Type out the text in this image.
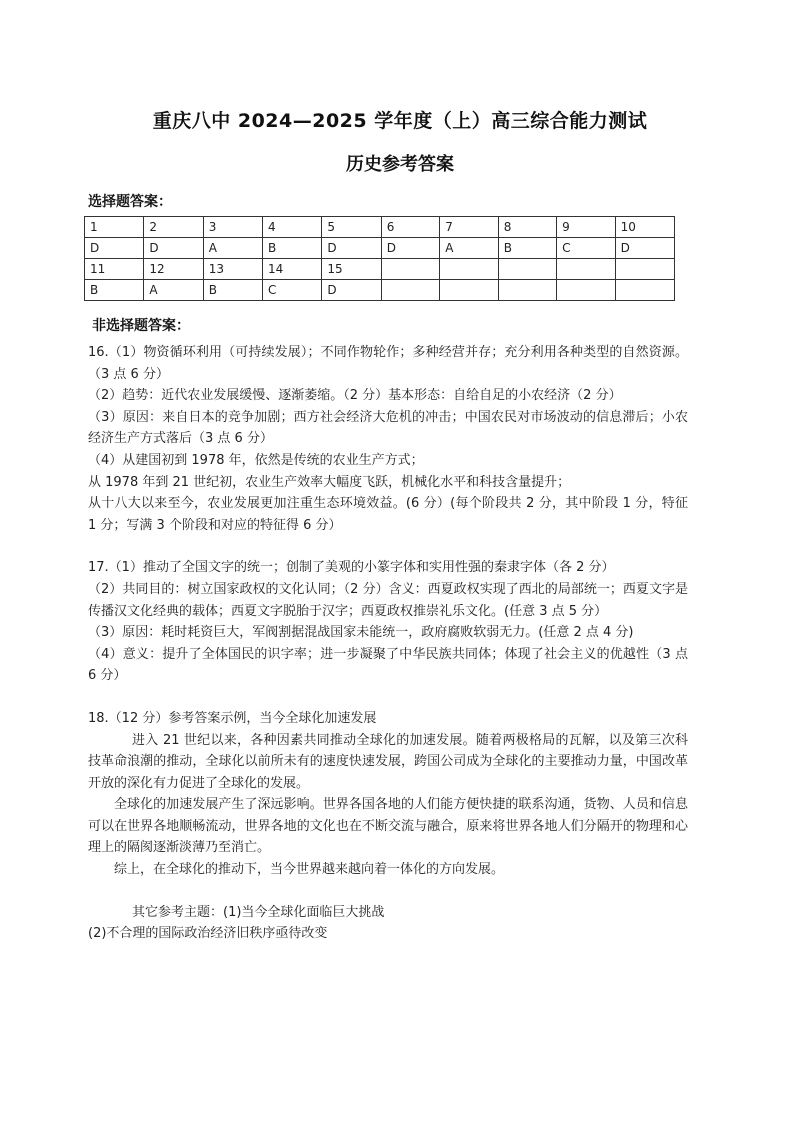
重庆八中 2024—2025 学年度（上）高三综合能力测试
历史参考答案
选择题答案：
1	2	3	4	5	6	7	8	9	10
D	D	A	B	D	D	A	B	C	D
11	12	13	14	15					
B	A	B	C	D					
非选择题答案：

16.（1）物资循环利用（可持续发展）；不同作物轮作；多种经营并存；充分利用各种类型的自然资源。（3 点 6 分）

（2）趋势：近代农业发展缓慢、逐渐萎缩。（2 分）基本形态：自给自足的小农经济（2 分）

（3）原因：来自日本的竞争加剧；西方社会经济大危机的冲击；中国农民对市场波动的信息滞后；小农经济生产方式落后（3 点 6 分）

（4）从建国初到 1978 年，依然是传统的农业生产方式；

从 1978 年到 21 世纪初，农业生产效率大幅度飞跃，机械化水平和科技含量提升；

从十八大以来至今，农业发展更加注重生态环境效益。(6 分）(每个阶段共 2 分，其中阶段 1 分，特征 1 分；写满 3 个阶段和对应的特征得 6 分）

17.（1）推动了全国文字的统一；创制了美观的小篆字体和实用性强的秦隶字体（各 2 分）

（2）共同目的：树立国家政权的文化认同；（2 分）含义：西夏政权实现了西北的局部统一；西夏文字是传播汉文化经典的载体；西夏文字脱胎于汉字；西夏政权推崇礼乐文化。(任意 3 点 5 分）

（3）原因：耗时耗资巨大，军阀割据混战国家未能统一，政府腐败软弱无力。(任意 2 点 4 分)

（4）意义：提升了全体国民的识字率；进一步凝聚了中华民族共同体；体现了社会主义的优越性（3 点 6 分）

18.（12 分）参考答案示例，当今全球化加速发展

进入 21 世纪以来，各种因素共同推动全球化的加速发展。随着两极格局的瓦解，以及第三次科技革命浪潮的推动，全球化以前所未有的速度快速发展，跨国公司成为全球化的主要推动力量，中国改革开放的深化有力促进了全球化的发展。

全球化的加速发展产生了深远影响。世界各国各地的人们能方便快捷的联系沟通，货物、人员和信息可以在世界各地顺畅流动，世界各地的文化也在不断交流与融合，原来将世界各地人们分隔开的物理和心理上的隔阂逐渐淡薄乃至消亡。

综上，在全球化的推动下，当今世界越来越向着一体化的方向发展。

其它参考主题：(1)当今全球化面临巨大挑战

(2)不合理的国际政治经济旧秩序亟待改变
